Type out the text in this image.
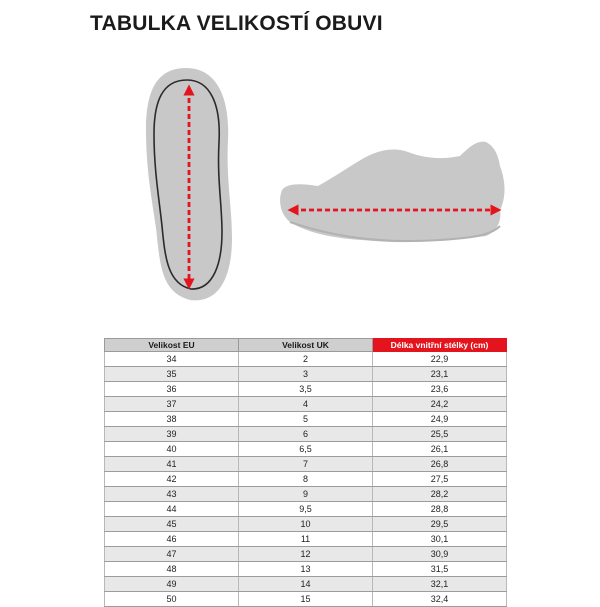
TABULKA VELIKOSTÍ OBUVI
Velikost EU	Velikost UK	Délka vnitřní stélky (cm)
34	2	22,9
35	3	23,1
36	3,5	23,6
37	4	24,2
38	5	24,9
39	6	25,5
40	6,5	26,1
41	7	26,8
42	8	27,5
43	9	28,2
44	9,5	28,8
45	10	29,5
46	11	30,1
47	12	30,9
48	13	31,5
49	14	32,1
50	15	32,4
